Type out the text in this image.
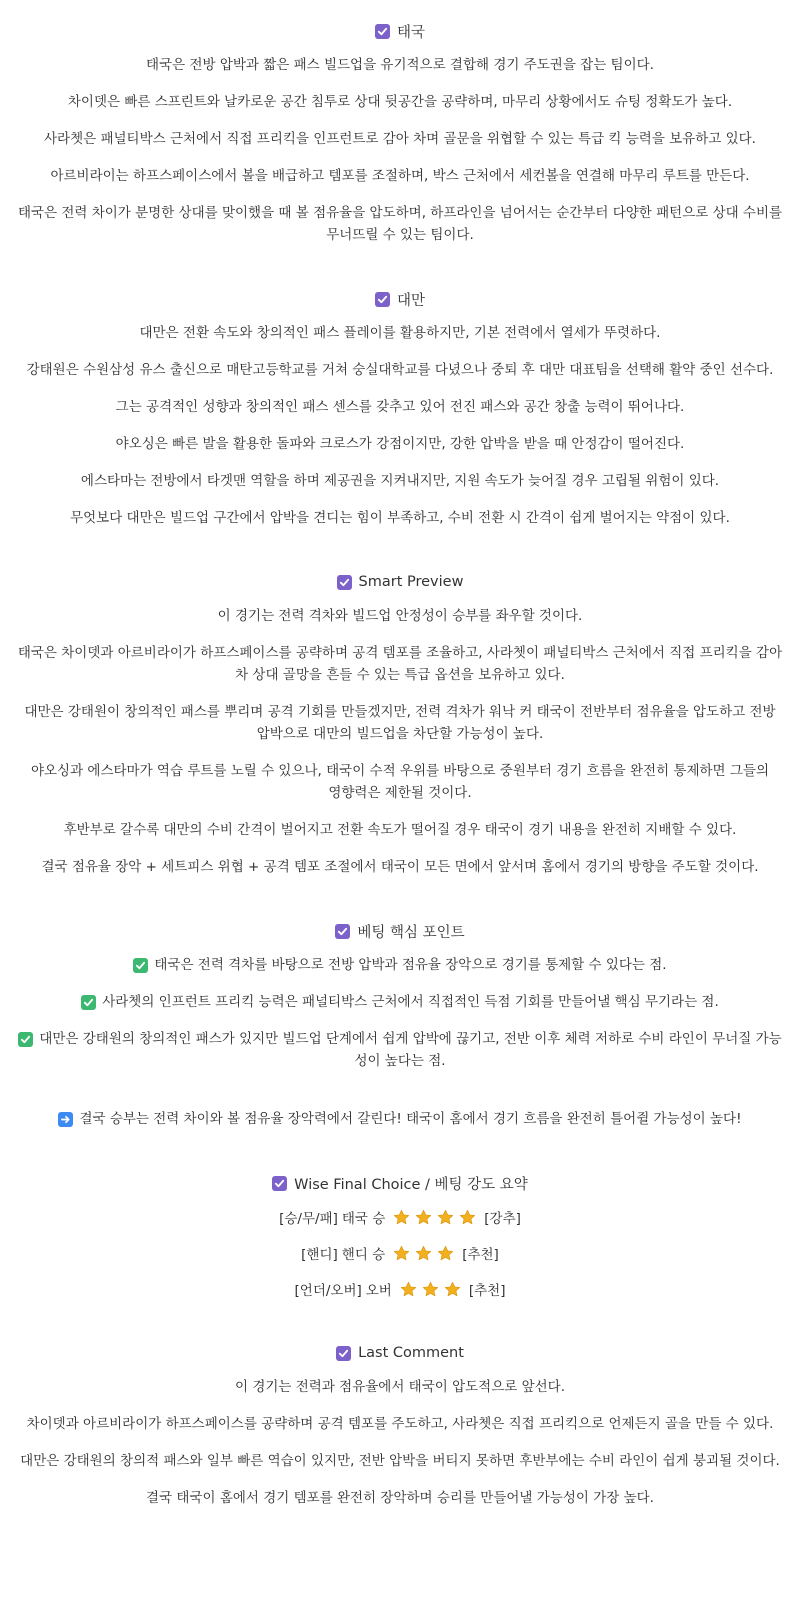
태국

태국은 전방 압박과 짧은 패스 빌드업을 유기적으로 결합해 경기 주도권을 잡는 팀이다.

차이뎃은 빠른 스프린트와 날카로운 공간 침투로 상대 뒷공간을 공략하며, 마무리 상황에서도 슈팅 정확도가 높다.

사라쳇은 패널티박스 근처에서 직접 프리킥을 인프런트로 감아 차며 골문을 위협할 수 있는 특급 킥 능력을 보유하고 있다.

아르비라이는 하프스페이스에서 볼을 배급하고 템포를 조절하며, 박스 근처에서 세컨볼을 연결해 마무리 루트를 만든다.

태국은 전력 차이가 분명한 상대를 맞이했을 때 볼 점유율을 압도하며, 하프라인을 넘어서는 순간부터 다양한 패턴으로 상대 수비를 무너뜨릴 수 있는 팀이다.

대만

대만은 전환 속도와 창의적인 패스 플레이를 활용하지만, 기본 전력에서 열세가 뚜렷하다.

강태원은 수원삼성 유스 출신으로 매탄고등학교를 거쳐 숭실대학교를 다녔으나 중퇴 후 대만 대표팀을 선택해 활약 중인 선수다.

그는 공격적인 성향과 창의적인 패스 센스를 갖추고 있어 전진 패스와 공간 창출 능력이 뛰어나다.

야오싱은 빠른 발을 활용한 돌파와 크로스가 강점이지만, 강한 압박을 받을 때 안정감이 떨어진다.

에스타마는 전방에서 타겟맨 역할을 하며 제공권을 지켜내지만, 지원 속도가 늦어질 경우 고립될 위험이 있다.

무엇보다 대만은 빌드업 구간에서 압박을 견디는 힘이 부족하고, 수비 전환 시 간격이 쉽게 벌어지는 약점이 있다.

Smart Preview

이 경기는 전력 격차와 빌드업 안정성이 승부를 좌우할 것이다.

태국은 차이뎃과 아르비라이가 하프스페이스를 공략하며 공격 템포를 조율하고, 사라쳇이 패널티박스 근처에서 직접 프리킥을 감아 차 상대 골망을 흔들 수 있는 특급 옵션을 보유하고 있다.

대만은 강태원이 창의적인 패스를 뿌리며 공격 기회를 만들겠지만, 전력 격차가 워낙 커 태국이 전반부터 점유율을 압도하고 전방 압박으로 대만의 빌드업을 차단할 가능성이 높다.

야오싱과 에스타마가 역습 루트를 노릴 수 있으나, 태국이 수적 우위를 바탕으로 중원부터 경기 흐름을 완전히 통제하면 그들의 영향력은 제한될 것이다.

후반부로 갈수록 대만의 수비 간격이 벌어지고 전환 속도가 떨어질 경우 태국이 경기 내용을 완전히 지배할 수 있다.

결국 점유율 장악 + 세트피스 위협 + 공격 템포 조절에서 태국이 모든 면에서 앞서며 홈에서 경기의 방향을 주도할 것이다.

베팅 핵심 포인트

태국은 전력 격차를 바탕으로 전방 압박과 점유율 장악으로 경기를 통제할 수 있다는 점.

사라쳇의 인프런트 프리킥 능력은 패널티박스 근처에서 직접적인 득점 기회를 만들어낼 핵심 무기라는 점.

대만은 강태원의 창의적인 패스가 있지만 빌드업 단계에서 쉽게 압박에 끊기고, 전반 이후 체력 저하로 수비 라인이 무너질 가능성이 높다는 점.

결국 승부는 전력 차이와 볼 점유율 장악력에서 갈린다! 태국이 홈에서 경기 흐름을 완전히 틀어쥘 가능성이 높다!

Wise Final Choice / 베팅 강도 요약
[승/무/패] 태국 승	[강추]
[핸디] 핸디 승	[추천]
[언더/오버] 오버	[추천]
Last Comment

이 경기는 전력과 점유율에서 태국이 압도적으로 앞선다.

차이뎃과 아르비라이가 하프스페이스를 공략하며 공격 템포를 주도하고, 사라쳇은 직접 프리킥으로 언제든지 골을 만들 수 있다.

대만은 강태원의 창의적 패스와 일부 빠른 역습이 있지만, 전반 압박을 버티지 못하면 후반부에는 수비 라인이 쉽게 붕괴될 것이다.

결국 태국이 홈에서 경기 템포를 완전히 장악하며 승리를 만들어낼 가능성이 가장 높다.
